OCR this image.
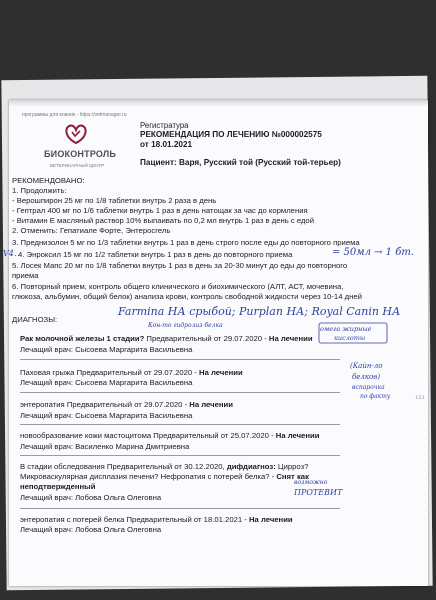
программы для клиник - https://vetmanager.ru
БИОКОНТРОЛЬ
ВЕТЕРИНАРНЫЙ ЦЕНТР
Регистратура
РЕКОМЕНДАЦИЯ ПО ЛЕЧЕНИЮ №000002575
от 18.01.2021
Пациент: Варя, Русский той (Русский той-терьер)
РЕКОМЕНДОВАНО:
1. Продолжить:
- Верошпирон 25 мг по 1/8 таблетки внутрь 2 раза в день
- Гептрал 400 мг по 1/6 таблетки внутрь 1 раз в день натощак за час до кормления
- Витамин Е масляный раствор 10% выпаивать по 0,2 мл внутрь 1 раз в день с едой
2. Отменить: Гепатиале Форте, Энтеросгель
3. Преднизолон 5 мг по 1/3 таблетки внутрь 1 раз в день строго после еды до повторного приема
4. Энроксил 15 мг по 1/2 таблетки внутрь 1 раз в день до повторного приема
5. Лосек Мапс 20 мг по 1/8 таблетки внутрь 1 раз в день за 20-30 минут до еды до повторного
приема
6. Повторный прием, контроль общего клинического и биохимического (АЛТ, АСТ, мочевина,
глюкоза, альбумин, общий белок) анализа крови, контроль свободной жидкости через 10-14 дней
ДИАГНОЗЫ:
Рак молочной железы 1 стадии? Предварительный от 29.07.2020 - На лечении
Лечащий врач: Сысоева Маргарита Васильевна
Паховая грыжа Предварительный от 29.07.2020 - На лечении
Лечащий врач: Сысоева Маргарита Васильевна
энтеропатия Предварительный от 29.07.2020 - На лечении
Лечащий врач: Сысоева Маргарита Васильевна
новообразование кожи мастоцитома Предварительный от 25.07.2020 - На лечении
Лечащий врач: Василенко Марина Дмитриевна
В стадии обследования Предварительный от 30.12.2020, дифдиагноз: Цирроз?
Микроваскулярная дисплазия печени? Нефропатия с потерей белка? - Снят как
неподтвержденный
Лечащий врач: Лобова Ольга Олеговна
энтеропатия с потерей белка Предварительный от 18.01.2021 - На лечении
Лечащий врач: Лобова Ольга Олеговна
V4.	= 50мл → 1 бт.
Farmina НА срыбой; Purplan НА; Royal Canin НА
Кон-то гидролиз белка	омега жирные
кислоты
(Кайн-ло
белков)
вспарочка
по факту	153
возможно
ПРОТЕВИТ
